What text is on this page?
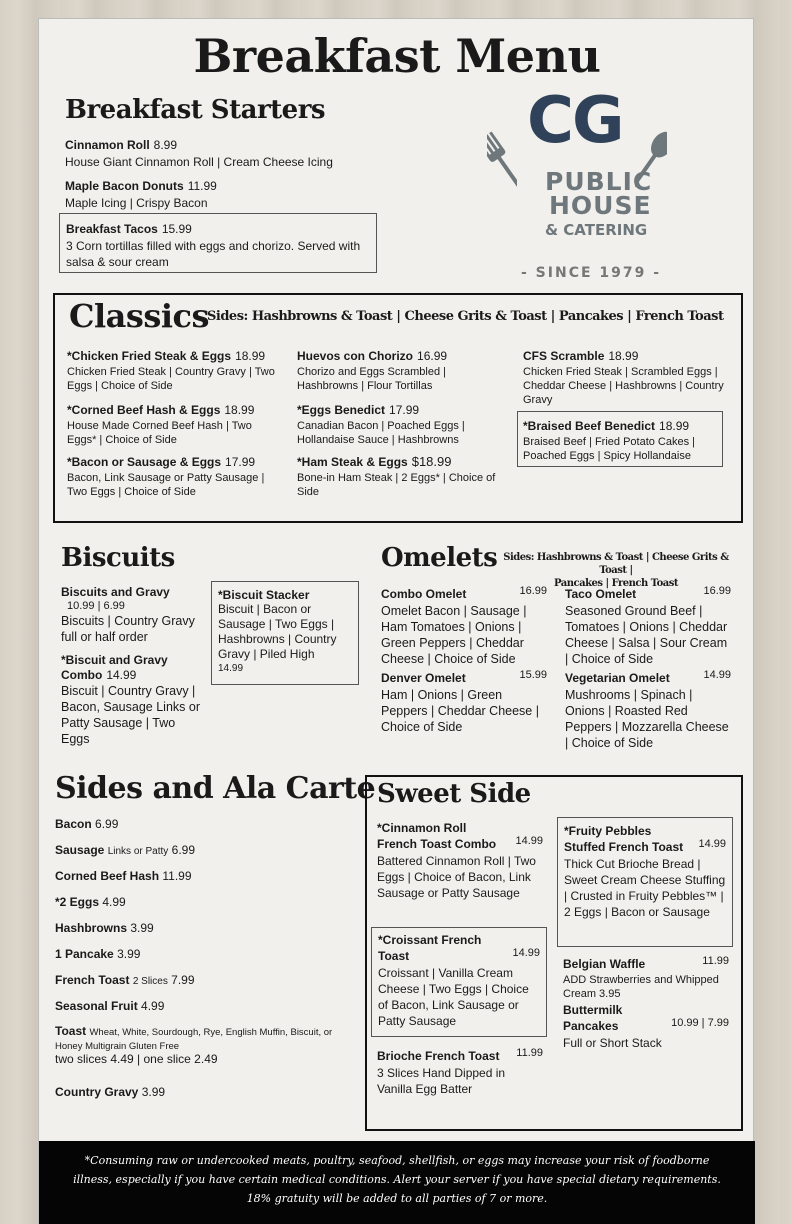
Breakfast Menu
Breakfast Starters
Cinnamon Roll 8.99
House Giant Cinnamon Roll | Cream Cheese Icing
Maple Bacon Donuts 11.99
Maple Icing | Crispy Bacon
Breakfast Tacos 15.99
3 Corn tortillas filled with eggs and chorizo. Served with salsa & sour cream
CG
PUBLIC
HOUSE
& CATERING
- SINCE 1979 -
Classics
Sides: Hashbrowns & Toast | Cheese Grits & Toast | Pancakes | French Toast
*Chicken Fried Steak & Eggs 18.99
Chicken Fried Steak | Country Gravy | Two Eggs | Choice of Side
*Corned Beef Hash & Eggs 18.99
House Made Corned Beef Hash | Two Eggs* | Choice of Side
*Bacon or Sausage & Eggs 17.99
Bacon, Link Sausage or Patty Sausage | Two Eggs | Choice of Side
Huevos con Chorizo 16.99
Chorizo and Eggs Scrambled | Hashbrowns | Flour Tortillas
*Eggs Benedict 17.99
Canadian Bacon | Poached Eggs | Hollandaise Sauce | Hashbrowns
*Ham Steak & Eggs $18.99
Bone-in Ham Steak | 2 Eggs* | Choice of Side
CFS Scramble 18.99
Chicken Fried Steak | Scrambled Eggs | Cheddar Cheese | Hashbrowns | Country Gravy
*Braised Beef Benedict 18.99
Braised Beef | Fried Potato Cakes | Poached Eggs | Spicy Hollandaise
Biscuits
Biscuits and Gravy
10.99 | 6.99
Biscuits | Country Gravy full or half order
*Biscuit and Gravy Combo 14.99
Biscuit | Country Gravy | Bacon, Sausage Links or Patty Sausage | Two Eggs
*Biscuit Stacker
Biscuit | Bacon or Sausage | Two Eggs | Hashbrowns | Country Gravy | Piled High
14.99
Omelets Sides: Hashbrowns & Toast | Cheese Grits & Toast |
Pancakes | French Toast
Combo Omelet	16.99
Omelet Bacon | Sausage | Ham Tomatoes | Onions | Green Peppers | Cheddar Cheese | Choice of Side
Denver Omelet	15.99
Ham | Onions | Green Peppers | Cheddar Cheese | Choice of Side
Taco Omelet	16.99
Seasoned Ground Beef | Tomatoes | Onions | Cheddar Cheese | Salsa | Sour Cream | Choice of Side
Vegetarian Omelet	14.99
Mushrooms | Spinach | Onions | Roasted Red Peppers | Mozzarella Cheese | Choice of Side
Sides and Ala Carte
Bacon 6.99
Sausage Links or Patty 6.99
Corned Beef Hash 11.99
*2 Eggs 4.99
Hashbrowns 3.99
1 Pancake 3.99
French Toast 2 Slices 7.99
Seasonal Fruit 4.99
Toast Wheat, White, Sourdough, Rye, English Muffin, Biscuit, or Honey Multigrain Gluten Free
two slices 4.49 | one slice 2.49
Country Gravy 3.99
Sweet Side
*Cinnamon Roll
French Toast Combo 14.99
Battered Cinnamon Roll | Two Eggs | Choice of Bacon, Link Sausage or Patty Sausage
*Croissant French
Toast	14.99
Croissant | Vanilla Cream Cheese | Two Eggs | Choice of Bacon, Link Sausage or Patty Sausage
Brioche French Toast 11.99
3 Slices Hand Dipped in Vanilla Egg Batter
*Fruity Pebbles
Stuffed French Toast 14.99
Thick Cut Brioche Bread | Sweet Cream Cheese Stuffing | Crusted in Fruity Pebbles™ | 2 Eggs | Bacon or Sausage
Belgian Waffle	11.99
ADD Strawberries and Whipped Cream 3.95
Buttermilk
Pancakes	10.99 | 7.99
Full or Short Stack
*Consuming raw or undercooked meats, poultry, seafood, shellfish, or eggs may increase your risk of foodborne
illness, especially if you have certain medical conditions. Alert your server if you have special dietary requirements.
18% gratuity will be added to all parties of 7 or more.
